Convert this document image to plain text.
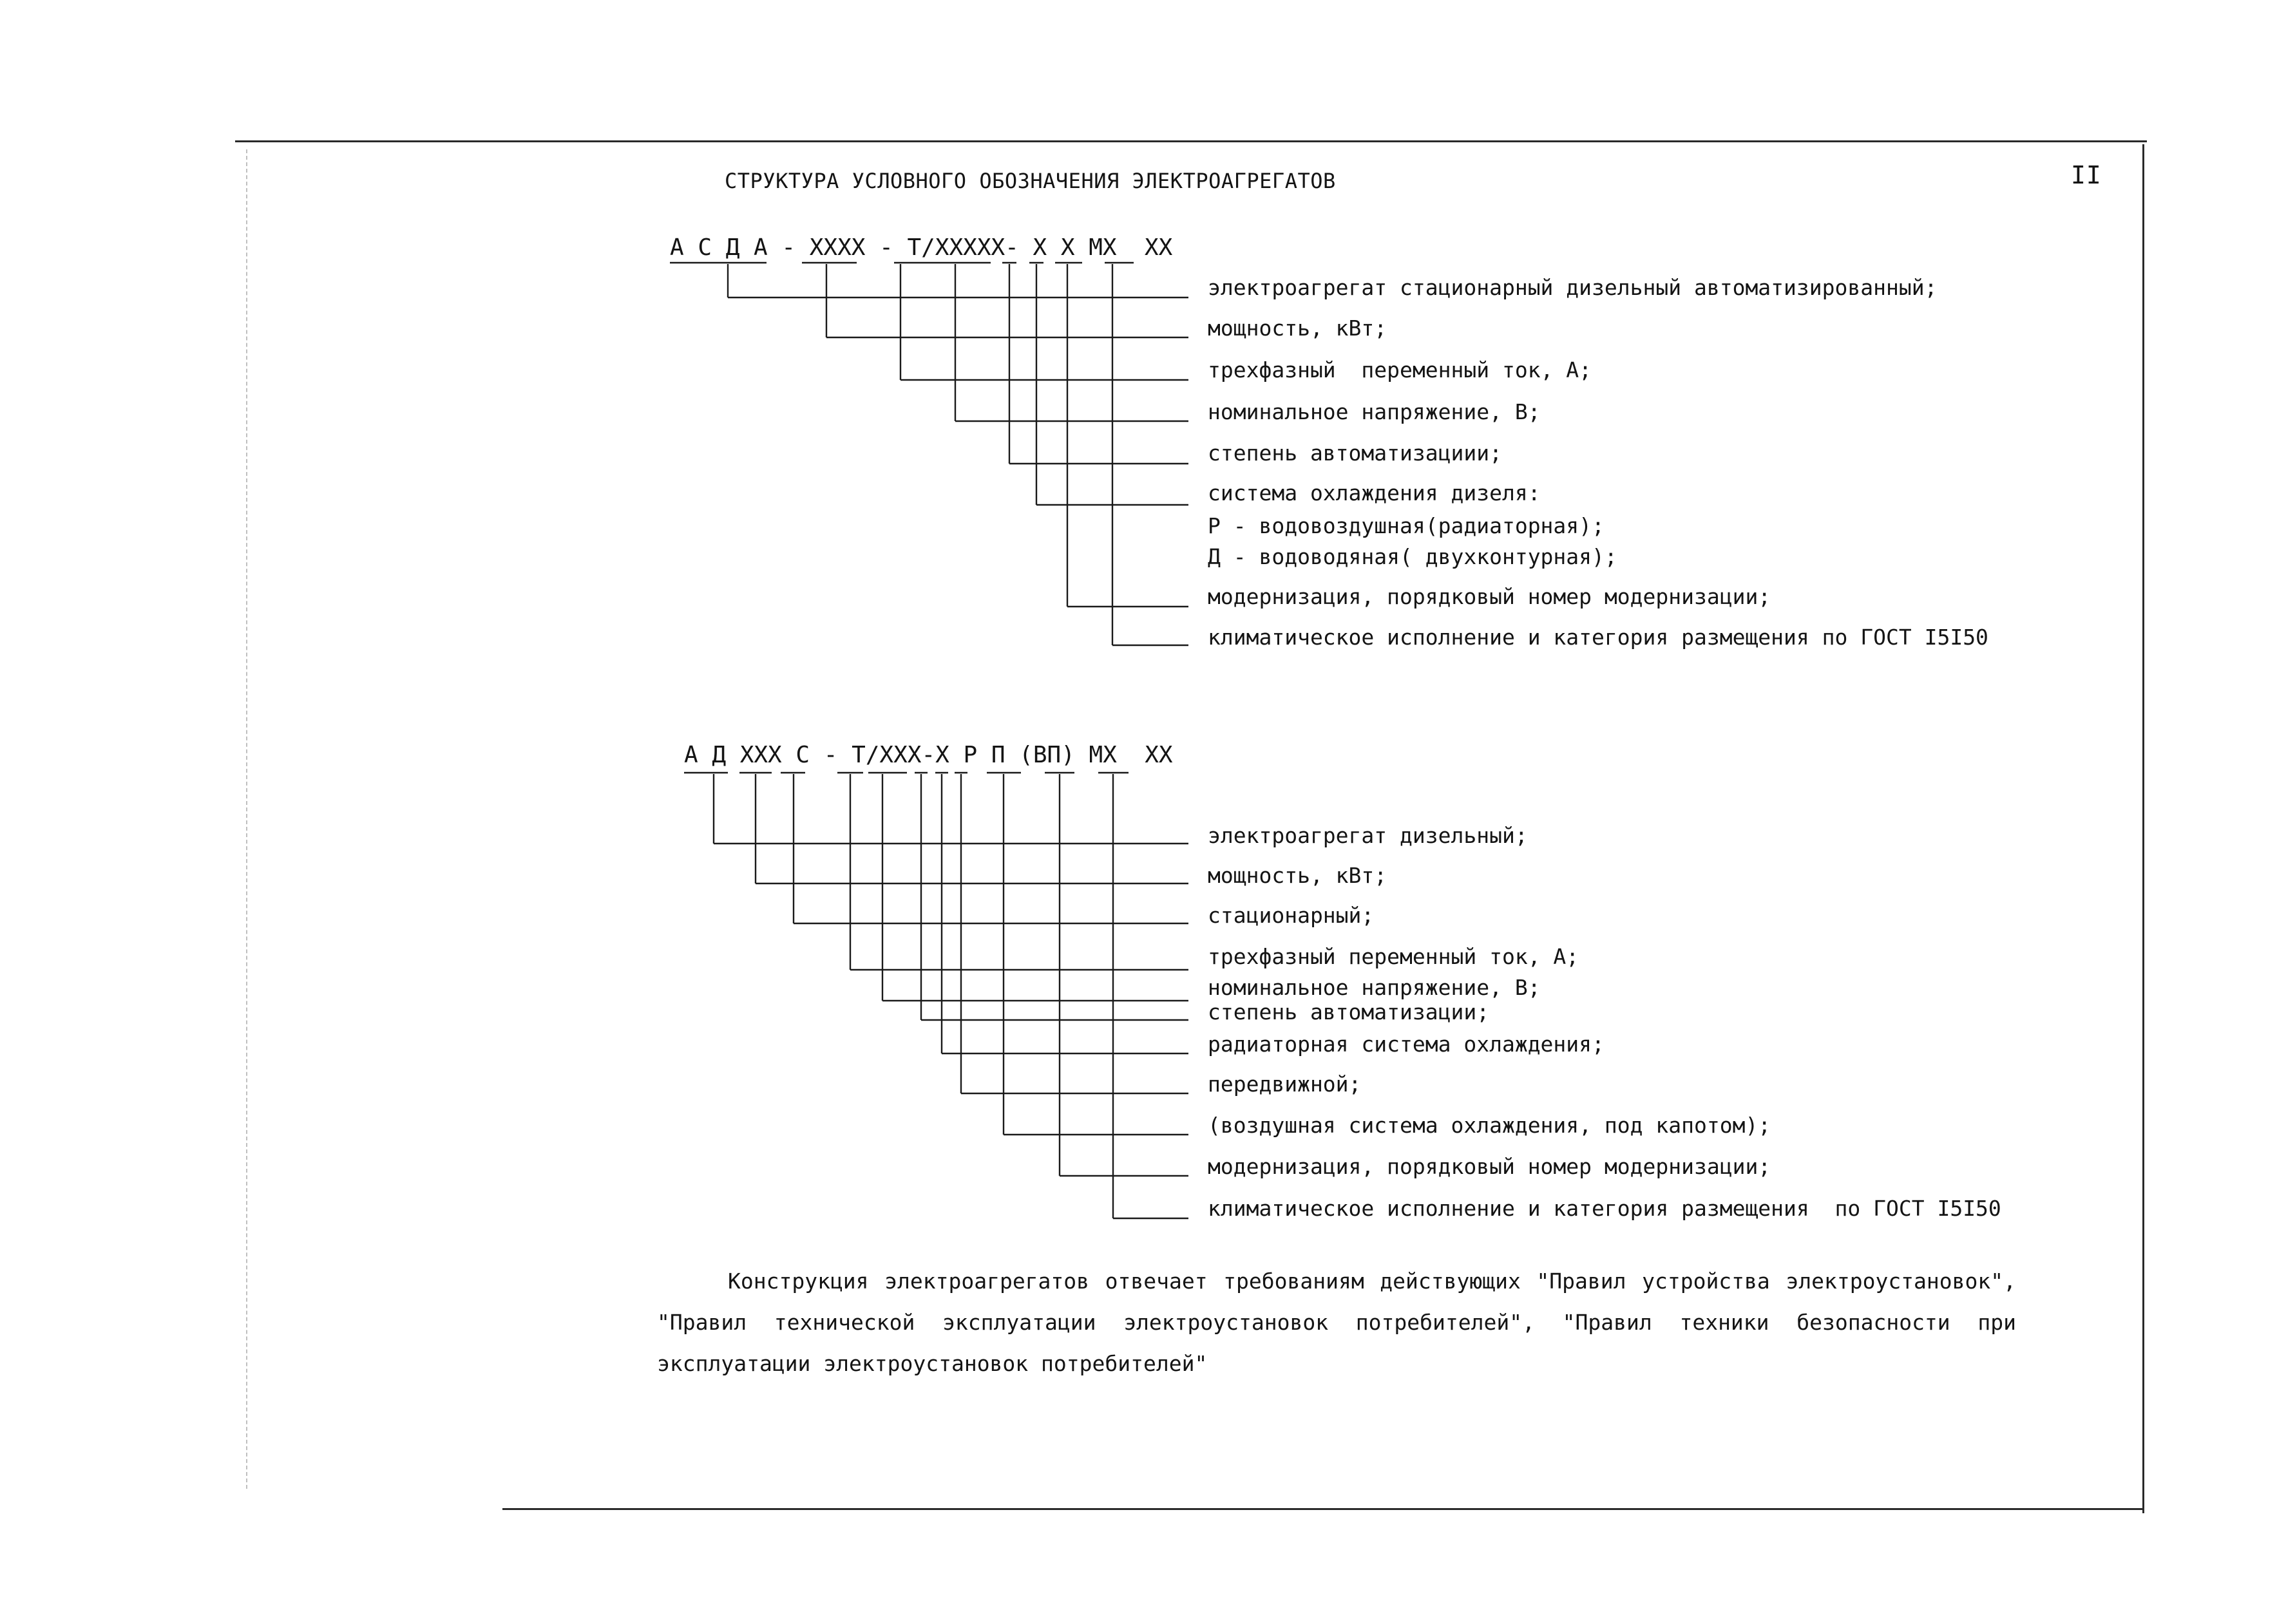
II
СТРУКТУРА УСЛОВНОГО ОБОЗНАЧЕНИЯ ЭЛЕКТРОАГРЕГАТОВ
А С Д А - ХХХХ - Т/ХХХХХ- Х Х МХ  ХХ
электроагрегат стационарный дизельный автоматизированный;
мощность, кВт;
трехфазный  переменный ток, А;
номинальное напряжение, В;
степень автоматизациии;
система охлаждения дизеля:
Р - водовоздушная(радиаторная);
Д - водоводяная( двухконтурная);
модернизация, порядковый номер модернизации;
климатическое исполнение и категория размещения по ГОСТ I5I50
А Д ХХХ С - Т/ХХХ-Х Р П (ВП) МХ  ХХ
электроагрегат дизельный;
мощность, кВт;
стационарный;
трехфазный переменный ток, А;
номинальное напряжение, В;
степень автоматизации;
радиаторная система охлаждения;
передвижной;
(воздушная система охлаждения, под капотом);
модернизация, порядковый номер модернизации;
климатическое исполнение и категория размещения  по ГОСТ I5I50
Конструкция электроагрегатов отвечает требованиям действующих "Правил устройства электроустановок", "Правил технической эксплуатации электроустановок потребителей", "Правил техники безопасности при эксплуатации электроустановок потребителей"
